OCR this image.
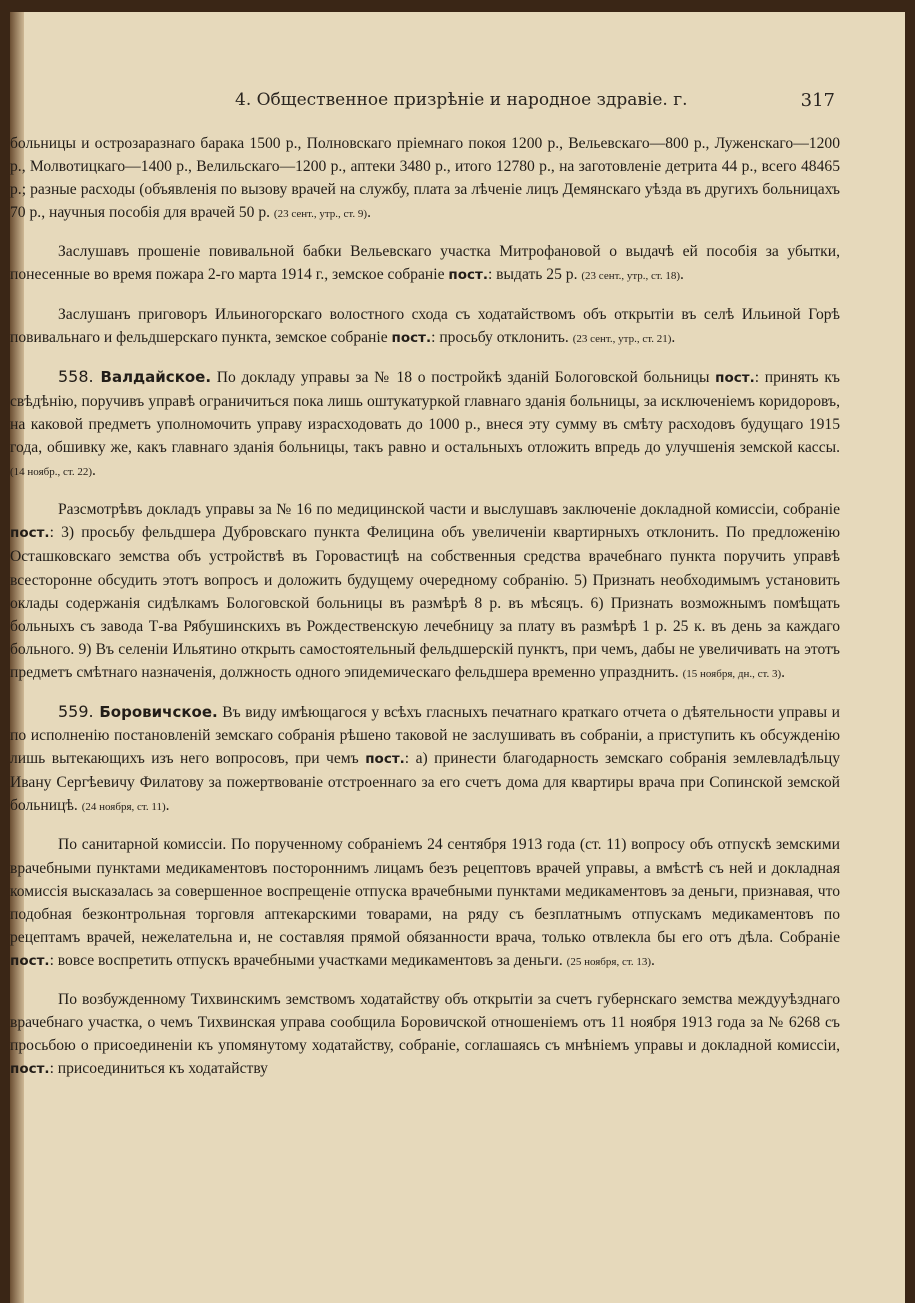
4. Общественное призрѣніе и народное здравіе. г.	317

больницы и остpозаразнаго барака 1500 р., Полновскаго пріемнаго покоя 1200 р., Вельевскаго—800 р., Луженскаго—1200 р., Молвотицкаго—1400 р., Велильскаго—1200 р., аптеки 3480 р., итого 12780 р., на заготовленіе детрита 44 р., всего 48465 р.; разные расходы (объявленія по вызову врачей на службу, плата за лѣченіе лицъ Демянскаго уѣзда въ другихъ больницахъ 70 р., научныя пособія для врачей 50 р. (23 сент., утр., ст. 9).

Заслушавъ прошеніе повивальной бабки Вельевскаго участка Митрофановой о выдачѣ ей пособія за убытки, понесенные во время пожара 2-го марта 1914 г., земское собраніе пост.: выдать 25 р. (23 сент., утр., ст. 18).

Заслушанъ приговоръ Ильиногорскаго волостного схода съ ходатайствомъ объ открытіи въ селѣ Ильиной Горѣ повивальнаго и фельдшерскаго пункта, земское собраніе пост.: просьбу отклонить. (23 сент., утр., ст. 21).

558. Валдайское. По докладу управы за № 18 о постройкѣ зданій Бологовской больницы пост.: принять къ свѣдѣнію, поручивъ управѣ ограничиться пока лишь оштукатуркой главнаго зданія больницы, за исключеніемъ коридоровъ, на каковой предметъ уполномочить управу израсходовать до 1000 р., внеся эту сумму въ смѣту расходовъ будущаго 1915 года, обшивку же, какъ главнаго зданія больницы, такъ равно и остальныхъ отложить впредь до улучшенія земской кассы. (14 ноябр., ст. 22).

Разсмотрѣвъ докладъ управы за № 16 по медицинской части и выслушавъ заключеніе докладной комиссіи, собраніе пост.: 3) просьбу фельдшера Дубровскаго пункта Фелицина объ увеличеніи квартирныхъ отклонить. По предложенію Осташковскаго земства объ устройствѣ въ Горовастицѣ на собственныя средства врачебнаго пункта поручить управѣ всесторонне обсудить этотъ вопросъ и доложить будущему очередному собранію. 5) Признать необходимымъ установить оклады содержанія сидѣлкамъ Бологовской больницы въ размѣрѣ 8 р. въ мѣсяцъ. 6) Признать возможнымъ помѣщать больныхъ съ завода Т-ва Рябушинскихъ въ Рождественскую лечебницу за плату въ размѣрѣ 1 р. 25 к. въ день за каждаго больного. 9) Въ селеніи Ильятино открыть самостоятельный фельдшерскій пунктъ, при чемъ, дабы не увеличивать на этотъ предметъ смѣтнаго назначенія, должность одного эпидемическаго фельдшера временно упразднить. (15 ноября, дн., ст. 3).

559. Боровичское. Въ виду имѣющагося у всѣхъ гласныхъ печатнаго краткаго отчета о дѣятельности управы и по исполненію постановленій земскаго собранія рѣшено таковой не заслушивать въ собраніи, а приступить къ обсужденію лишь вытекающихъ изъ него вопросовъ, при чемъ пост.: а) принести благодарность земскаго собранія землевладѣльцу Ивану Сергѣевичу Филатову за пожертвованіе отстроеннаго за его счетъ дома для квартиры врача при Сопинской земской больницѣ. (24 ноября, ст. 11).

По санитарной комиссіи. По порученному собраніемъ 24 сентября 1913 года (ст. 11) вопросу объ отпускѣ земскими врачебными пунктами медикаментовъ постороннимъ лицамъ безъ рецептовъ врачей управы, а вмѣстѣ съ ней и докладная комиссія высказалась за совершенное воспрещеніе отпуска врачебными пунктами медикаментовъ за деньги, признавая, что подобная безконтрольная торговля аптекарскими товарами, на ряду съ безплатнымъ отпускамъ медикаментовъ по рецептамъ врачей, нежелательна и, не составляя прямой обязанности врача, только отвлекла бы его отъ дѣла. Собраніе пост.: вовсе воспретить отпускъ врачебными участками медикаментовъ за деньги. (25 ноября, ст. 13).

По возбужденному Тихвинскимъ земствомъ ходатайству объ открытіи за счетъ губернскаго земства междууѣзднаго врачебнаго участка, о чемъ Тихвинская управа сообщила Боровичской отношеніемъ отъ 11 ноября 1913 года за № 6268 съ просьбою о присоединеніи къ упомянутому ходатайству, собраніе, соглашаясь съ мнѣніемъ управы и докладной комиссіи, пост.: присоединиться къ ходатайству
